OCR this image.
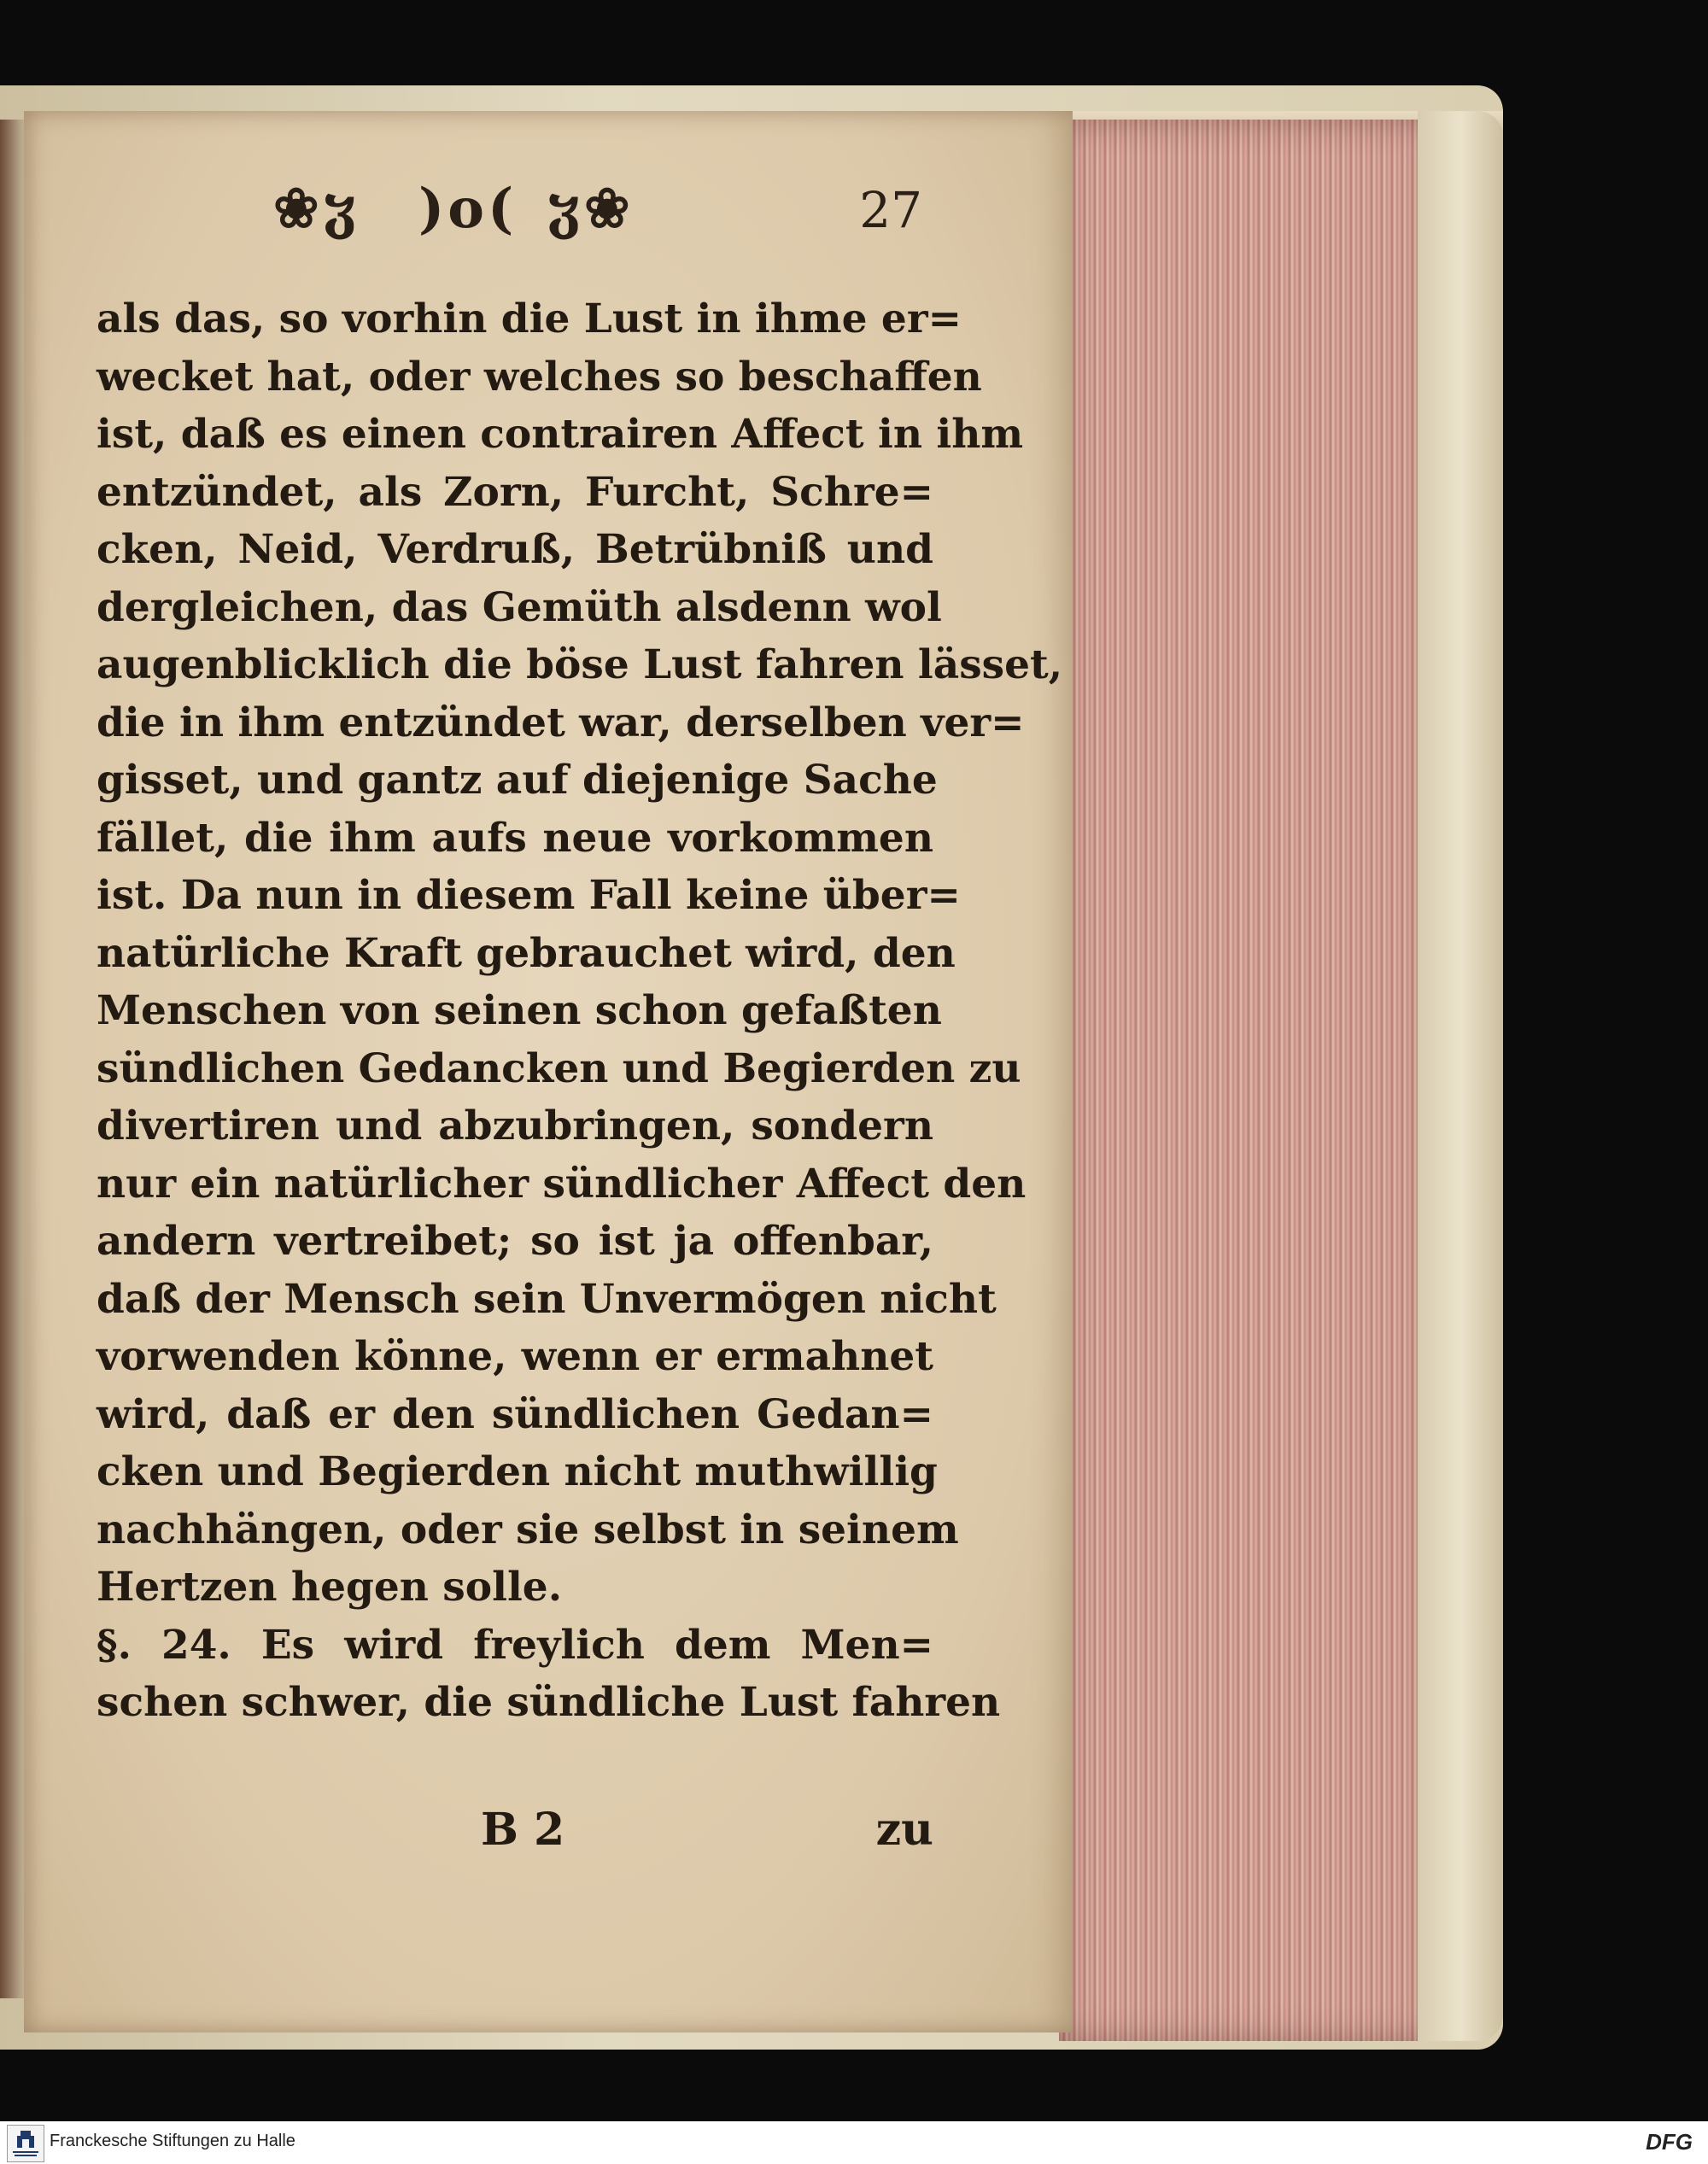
❀ჳ )o( ჳ❀	27
als das, so vorhin die Lust in ihme er=
wecket hat, oder welches so beschaffen
ist, daß es einen contrairen Affect in ihm
entzündet, als Zorn, Furcht, Schre=
cken, Neid, Verdruß, Betrübniß und
dergleichen, das Gemüth alsdenn wol
augenblicklich die böse Lust fahren lässet,
die in ihm entzündet war, derselben ver=
gisset, und gantz auf diejenige Sache
fället, die ihm aufs neue vorkommen
ist. Da nun in diesem Fall keine über=
natürliche Kraft gebrauchet wird, den
Menschen von seinen schon gefaßten
sündlichen Gedancken und Begierden zu
divertiren und abzubringen, sondern
nur ein natürlicher sündlicher Affect den
andern vertreibet; so ist ja offenbar,
daß der Mensch sein Unvermögen nicht
vorwenden könne, wenn er ermahnet
wird, daß er den sündlichen Gedan=
cken und Begierden nicht muthwillig
nachhängen, oder sie selbst in seinem
Hertzen hegen solle.
§. 24. Es wird freylich dem Men=
schen schwer, die sündliche Lust fahren
B 2	zu
Franckesche Stiftungen zu Halle	DFG
